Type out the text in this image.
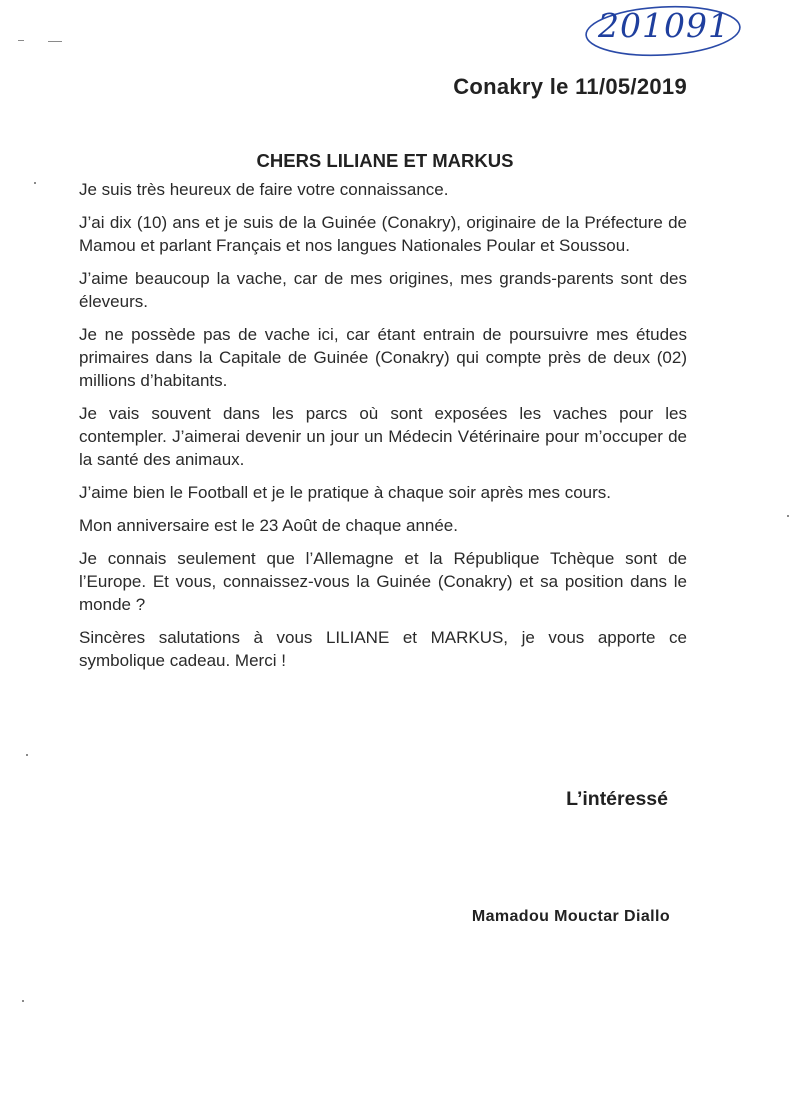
201091
Conakry le 11/05/2019
CHERS LILIANE ET MARKUS

Je suis très heureux de faire votre connaissance.

J’ai dix (10) ans et je suis de la Guinée (Conakry), originaire de la Préfecture de Mamou et parlant Français et nos langues Nationales Poular et Soussou.

J’aime beaucoup la vache, car de mes origines, mes grands-parents sont des éleveurs.

Je ne possède pas de vache ici, car étant entrain de poursuivre mes études primaires dans la Capitale de Guinée (Conakry) qui compte près de deux (02) millions d’habitants.

Je vais souvent dans les parcs où sont exposées les vaches pour les contempler. J’aimerai devenir un jour un Médecin Vétérinaire pour m’occuper de la santé des animaux.

J’aime bien le Football et je le pratique à chaque soir après mes cours.

Mon anniversaire est le 23 Août de chaque année.

Je connais seulement que l’Allemagne et la République Tchèque sont de l’Europe. Et vous, connaissez-vous la Guinée (Conakry) et sa position dans le monde ?

Sincères salutations à vous LILIANE et MARKUS, je vous apporte ce symbolique cadeau. Merci !

L’intéressé
Mamadou Mouctar Diallo
